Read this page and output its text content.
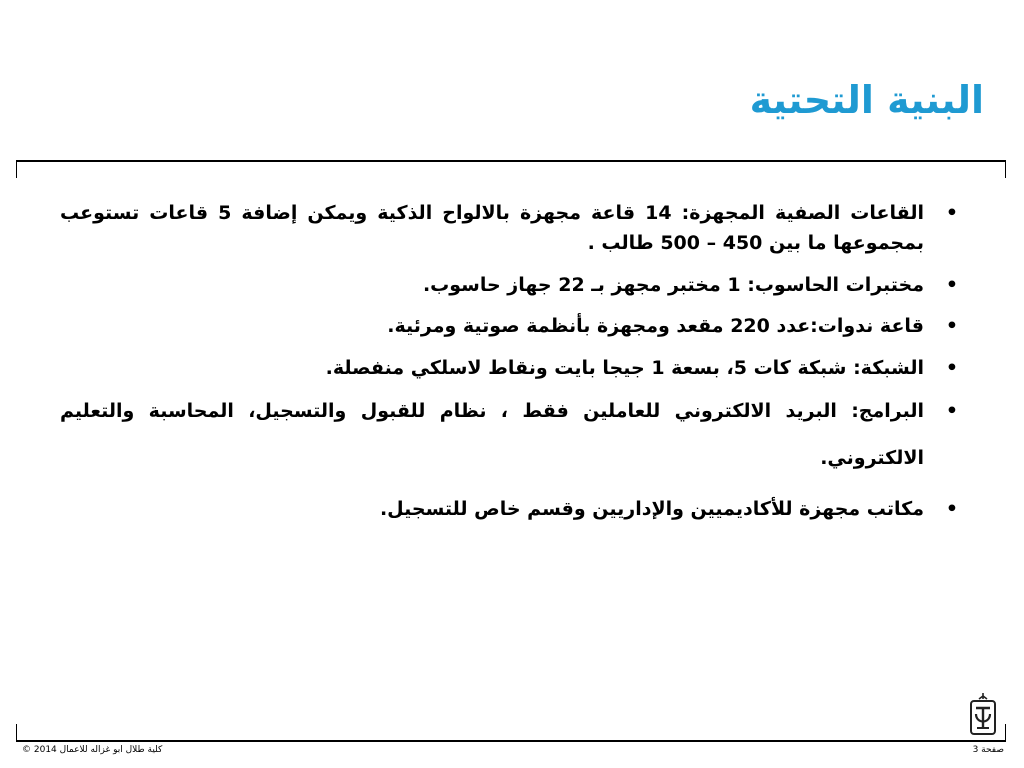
البنية التحتية
•
القاعات الصفية المجهزة: 14 قاعة مجهزة بالالواح الذكية ويمكن إضافة 5 قاعات تستوعب بمجموعها ما بين 450 – 500 طالب .
•
مختبرات الحاسوب: 1 مختبر مجهز بـ 22 جهاز حاسوب.
•
قاعة ندوات:عدد 220 مقعد ومجهزة بأنظمة صوتية ومرئية.
•
الشبكة: شبكة كات 5، بسعة 1 جيجا بايت ونقاط لاسلكي منفصلة.
•
البرامج: البريد الالكتروني للعاملين فقط ، نظام للقبول والتسجيل، المحاسبة والتعليم الالكتروني.
•
مكاتب مجهزة للأكاديميين والإداريين وقسم خاص للتسجيل.
كلية طلال ابو غزاله للاعمال 2014 ©	صفحة 3
